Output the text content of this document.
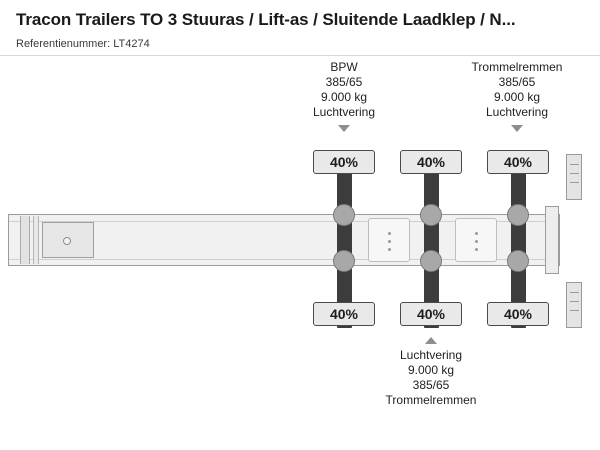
Tracon Trailers TO 3 Stuuras / Lift-as / Sluitende Laadklep / N...
Referentienummer: LT4274
40%
40%
40%
40%
40%
40%
BPW
385/65
9.000 kg
Luchtvering
Trommelremmen
385/65
9.000 kg
Luchtvering
Luchtvering
9.000 kg
385/65
Trommelremmen
